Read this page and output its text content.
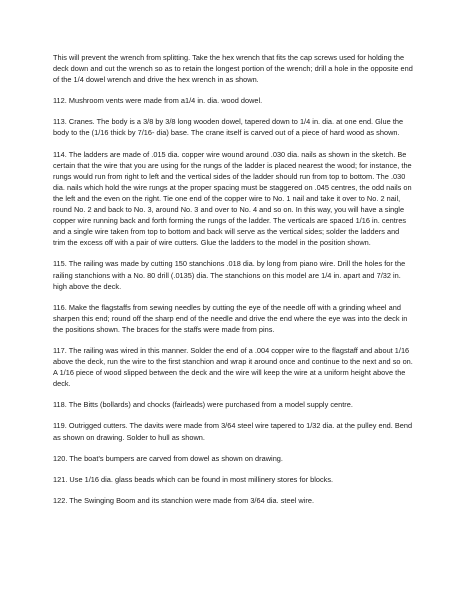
This will prevent the wrench from splitting. Take the hex wrench that fits the cap screws used for holding the deck down and cut the wrench so as to retain the longest portion of the wrench; drill a hole in the opposite end of the 1/4 dowel wrench and drive the hex wrench in as shown.

112. Mushroom vents were made from a1/4 in. dia. wood dowel.

113. Cranes. The body is a 3/8 by 3/8 long wooden dowel, tapered down to 1/4 in. dia. at one end. Glue the body to the (1/16 thick by 7/16- dia) base. The crane itself is carved out of a piece of hard wood as shown.

114. The ladders are made of .015 dia. copper wire wound around .030 dia. nails as shown in the sketch. Be certain that the wire that you are using for the rungs of the ladder is placed nearest the wood; for instance, the rungs would run from right to left and the vertical sides of the ladder should run from top to bottom. The .030 dia. nails which hold the wire rungs at the proper spacing must be staggered on .045 centres, the odd nails on the left and the even on the right. Tie one end of the copper wire to No. 1 nail and take it over to No. 2 nail, round No. 2 and back to No. 3, around No. 3 and over to No. 4 and so on. In this way, you will have a single copper wire running back and forth forming the rungs of the ladder. The verticals are spaced 1/16 in. centres and a single wire taken from top to bottom and back will serve as the vertical sides; solder the ladders and trim the excess off with a pair of wire cutters. Glue the ladders to the model in the position shown.

115. The railing was made by cutting 150 stanchions .018 dia. by long from piano wire. Drill the holes for the railing stanchions with a No. 80 drill (.0135) dia. The stanchions on this model are 1/4 in. apart and 7/32 in. high above the deck.

116. Make the flagstaffs from sewing needles by cutting the eye of the needle off with a grinding wheel and sharpen this end; round off the sharp end of the needle and drive the end where the eye was into the deck in the positions shown. The braces for the staffs were made from pins.

117. The railing was wired in this manner. Solder the end of a .004 copper wire to the flagstaff and about 1/16 above the deck, run the wire to the first stanchion and wrap it around once and continue to the next and so on. A 1/16 piece of wood slipped between the deck and the wire will keep the wire at a uniform height above the deck.

118. The Bitts (bollards) and chocks (fairleads) were purchased from a model supply centre.

119. Outrigged cutters. The davits were made from 3/64 steel wire tapered to 1/32 dia. at the pulley end. Bend as shown on drawing. Solder to hull as shown.

120. The boat's bumpers are carved from dowel as shown on drawing.

121. Use 1/16 dia. glass beads which can be found in most millinery stores for blocks.

122. The Swinging Boom and its stanchion were made from 3/64 dia. steel wire.
